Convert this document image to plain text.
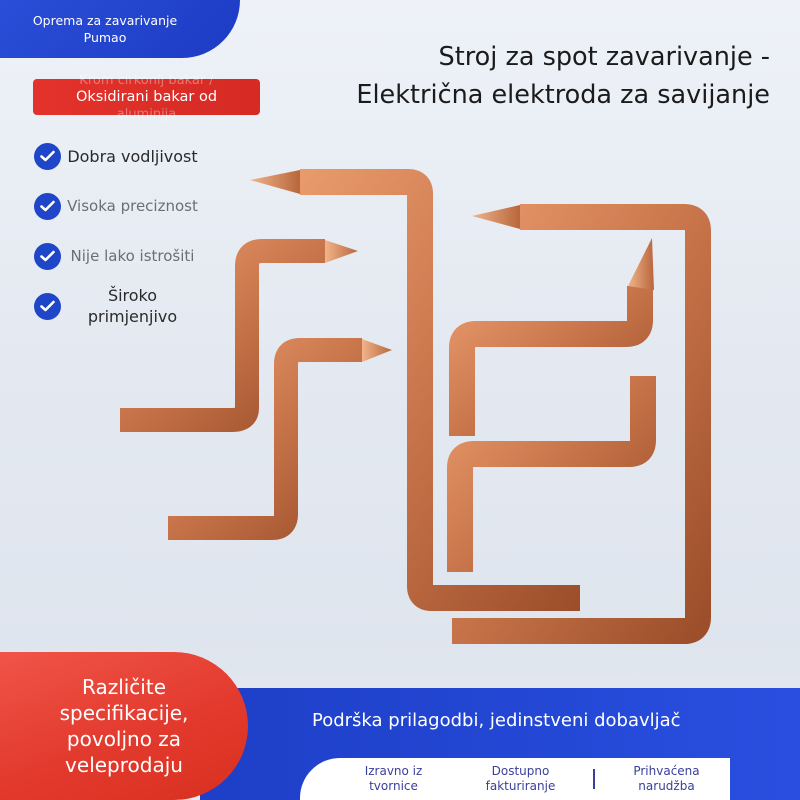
Oprema za zavarivanje Pumao
Krom cirkonij bakar /
Oksidirani bakar od
aluminija
Stroj za spot zavarivanje -
Električna elektroda za savijanje
Dobra vodljivost
Visoka preciznost
Nije lako istrošiti
Široko primjenjivo
Podrška prilagodbi, jedinstveni dobavljač
Izravno iz tvornice
Dostupno fakturiranje
Prihvaćena narudžba
Različite specifikacije, povoljno za veleprodaju
